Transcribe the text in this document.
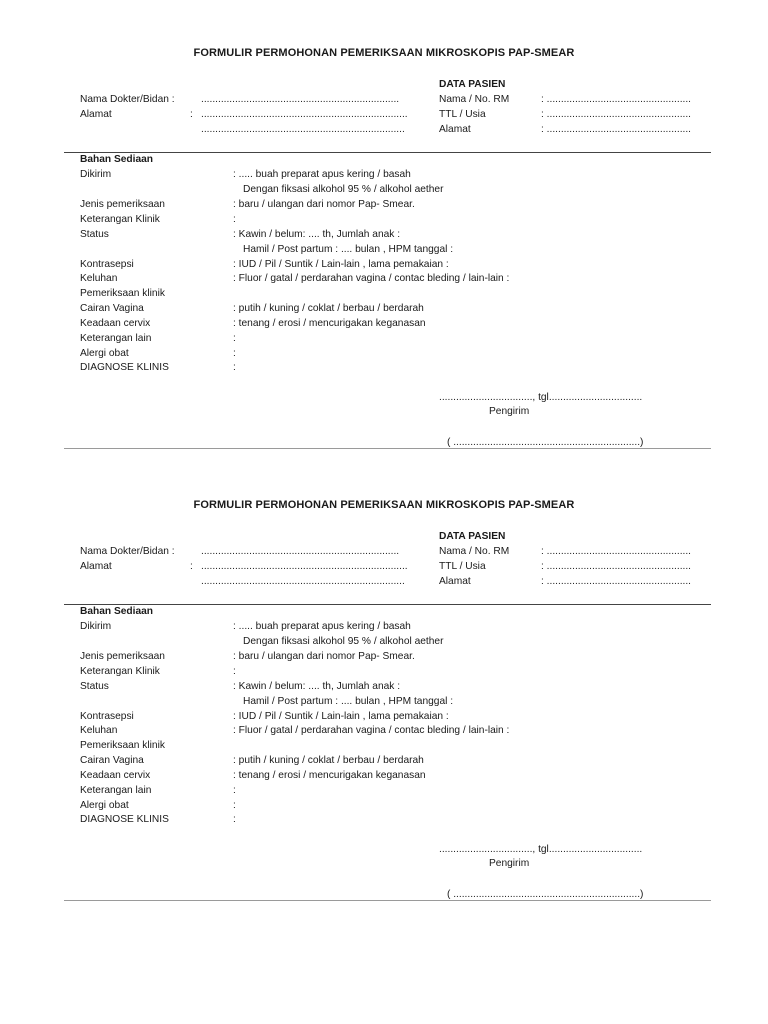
FORMULIR PERMOHONAN PEMERIKSAAN MIKROSKOPIS PAP-SMEAR
DATA PASIEN
Nama Dokter/Bidan :	......................................................................
Alamat	: .........................................................................
........................................................................
Nama / No. RM	: ...................................................
TTL / Usia	: ...................................................
Alamat	: ...................................................
Bahan Sediaan
Dikirim	: ..... buah preparat apus kering / basah
Dengan fiksasi alkohol 95 % / alkohol aether
Jenis pemeriksaan	: baru / ulangan dari nomor Pap- Smear.
Keterangan Klinik	:
Status	: Kawin / belum: .... th, Jumlah anak :
Hamil / Post partum : .... bulan , HPM tanggal :
Kontrasepsi	: IUD / Pil / Suntik / Lain-lain , lama pemakaian :
Keluhan	: Fluor / gatal / perdarahan vagina / contac bleding / lain-lain :
Pemeriksaan klinik
Cairan Vagina	: putih / kuning / coklat / berbau / berdarah
Keadaan cervix	: tenang / erosi / mencurigakan keganasan
Keterangan lain	:
Alergi obat	:
DIAGNOSE KLINIS	:
................................., tgl.................................
Pengirim
( ..................................................................)
FORMULIR PERMOHONAN PEMERIKSAAN MIKROSKOPIS PAP-SMEAR
DATA PASIEN
Nama Dokter/Bidan :	......................................................................
Alamat	: .........................................................................
........................................................................
Nama / No. RM	: ...................................................
TTL / Usia	: ...................................................
Alamat	: ...................................................
Bahan Sediaan
Dikirim	: ..... buah preparat apus kering / basah
Dengan fiksasi alkohol 95 % / alkohol aether
Jenis pemeriksaan	: baru / ulangan dari nomor Pap- Smear.
Keterangan Klinik	:
Status	: Kawin / belum: .... th, Jumlah anak :
Hamil / Post partum : .... bulan , HPM tanggal :
Kontrasepsi	: IUD / Pil / Suntik / Lain-lain , lama pemakaian :
Keluhan	: Fluor / gatal / perdarahan vagina / contac bleding / lain-lain :
Pemeriksaan klinik
Cairan Vagina	: putih / kuning / coklat / berbau / berdarah
Keadaan cervix	: tenang / erosi / mencurigakan keganasan
Keterangan lain	:
Alergi obat	:
DIAGNOSE KLINIS	:
................................., tgl.................................
Pengirim
( ..................................................................)
